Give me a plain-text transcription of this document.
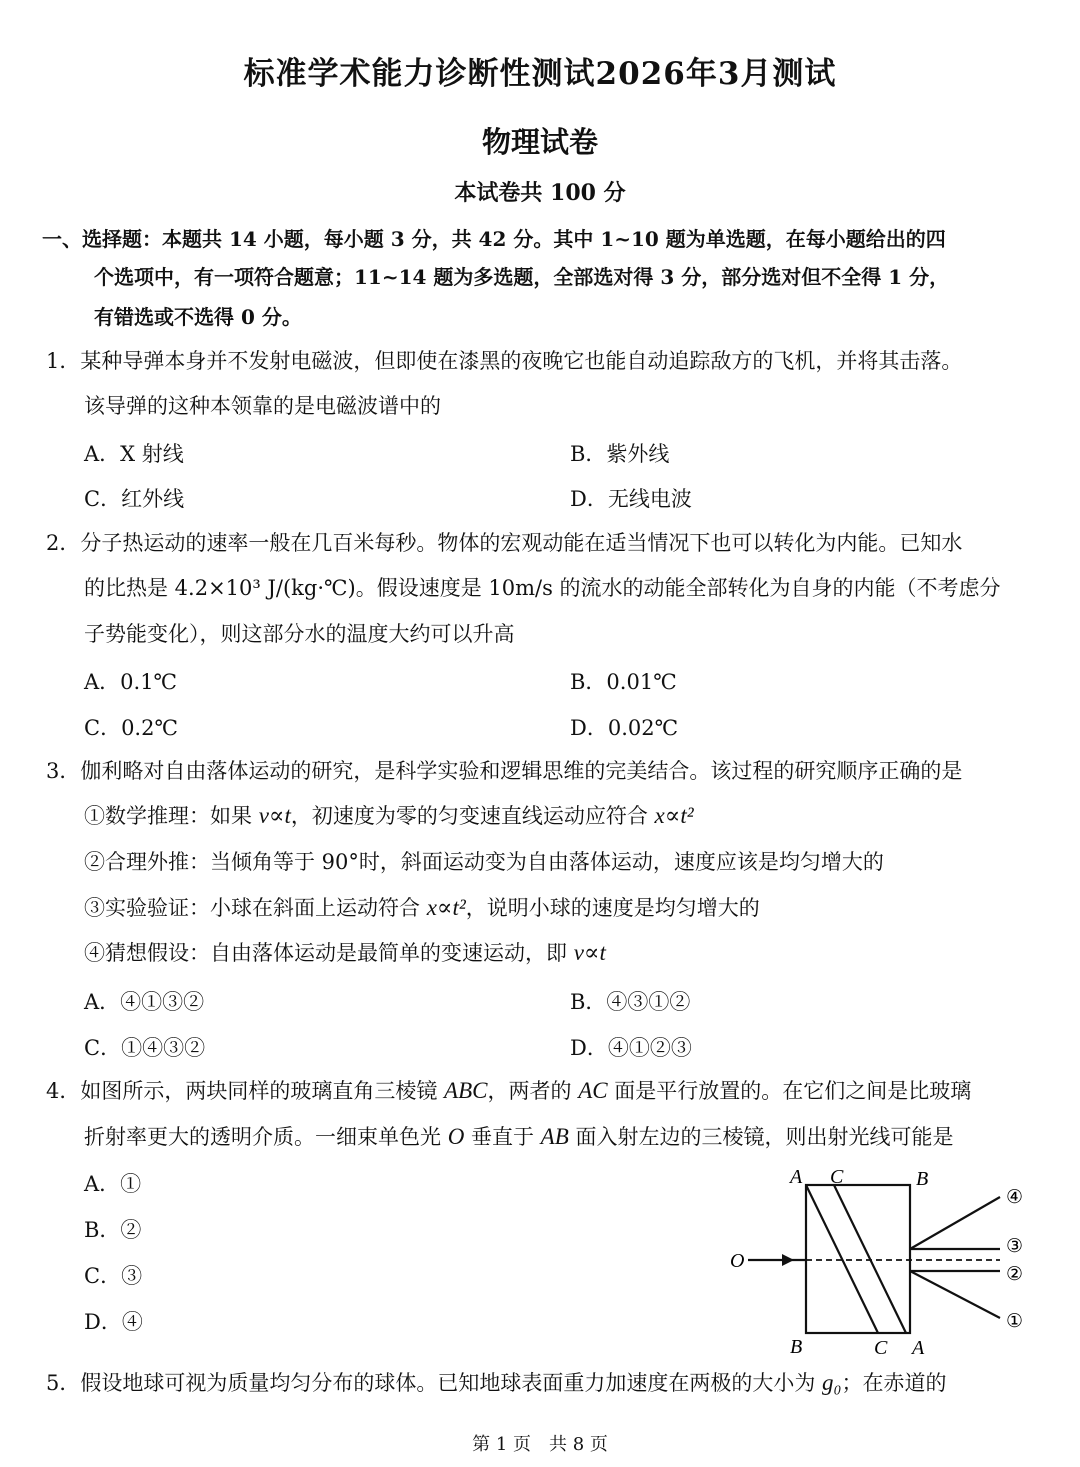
标准学术能力诊断性测试2026年3月测试
物理试卷
本试卷共 100 分
一、选择题：本题共 14 小题，每小题 3 分，共 42 分。其中 1~10 题为单选题，在每小题给出的四
个选项中，有一项符合题意；11~14 题为多选题，全部选对得 3 分，部分选对但不全得 1 分，
有错选或不选得 0 分。
1．某种导弹本身并不发射电磁波，但即使在漆黑的夜晚它也能自动追踪敌方的飞机，并将其击落。
该导弹的这种本领靠的是电磁波谱中的
A．X 射线	B．紫外线
C．红外线	D．无线电波
2．分子热运动的速率一般在几百米每秒。物体的宏观动能在适当情况下也可以转化为内能。已知水
的比热是 4.2×10³ J/(kg·℃)。假设速度是 10m/s 的流水的动能全部转化为自身的内能（不考虑分
子势能变化），则这部分水的温度大约可以升高
A．0.1℃	B．0.01℃
C．0.2℃	D．0.02℃
3．伽利略对自由落体运动的研究，是科学实验和逻辑思维的完美结合。该过程的研究顺序正确的是
①数学推理：如果 v∝t，初速度为零的匀变速直线运动应符合 x∝t²
②合理外推：当倾角等于 90°时，斜面运动变为自由落体运动，速度应该是均匀增大的
③实验验证：小球在斜面上运动符合 x∝t²，说明小球的速度是均匀增大的
④猜想假设：自由落体运动是最简单的变速运动，即 v∝t
A．④①③②	B．④③①②
C．①④③②	D．④①②③
4．如图所示，两块同样的玻璃直角三棱镜 ABC，两者的 AC 面是平行放置的。在它们之间是比玻璃
折射率更大的透明介质。一细束单色光 O 垂直于 AB 面入射左边的三棱镜，则出射光线可能是
A．①
B．②
C．③
D．④
A C	B
B	C A
O
④
③
②
①
5．假设地球可视为质量均匀分布的球体。已知地球表面重力加速度在两极的大小为 g₀；在赤道的
第 1 页　共 8 页
